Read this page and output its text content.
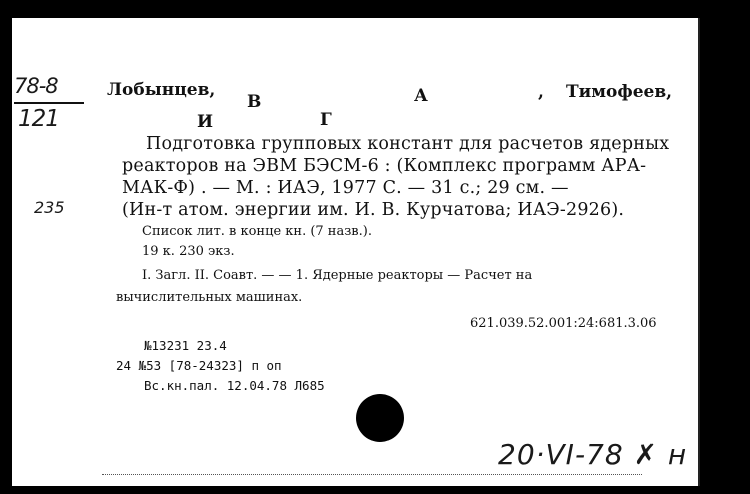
78-8
121
235
Лобынцев,
В	А	, Тимофеев,
И	Г
Подготовка групповых констант для расчетов ядерных
реакторов на ЭВМ БЭСМ-6 : (Комплекс программ АРА-
МАК-Ф) . — М. : ИАЭ, 1977 С. — 31 с.; 29 см. —
(Ин-т атом. энергии им. И. В. Курчатова; ИАЭ-2926).
Список лит. в конце кн. (7 назв.).
19 к. 230 экз.
I. Загл. II. Соавт. — — 1. Ядерные реакторы — Расчет на
вычислительных машинах.
621.039.52.001:24:681.3.06
№13231 23.4
24 №53 [78-24323] п оп
Вс.кн.пал. 12.04.78 Л685
20·VI-78 ✗ н
